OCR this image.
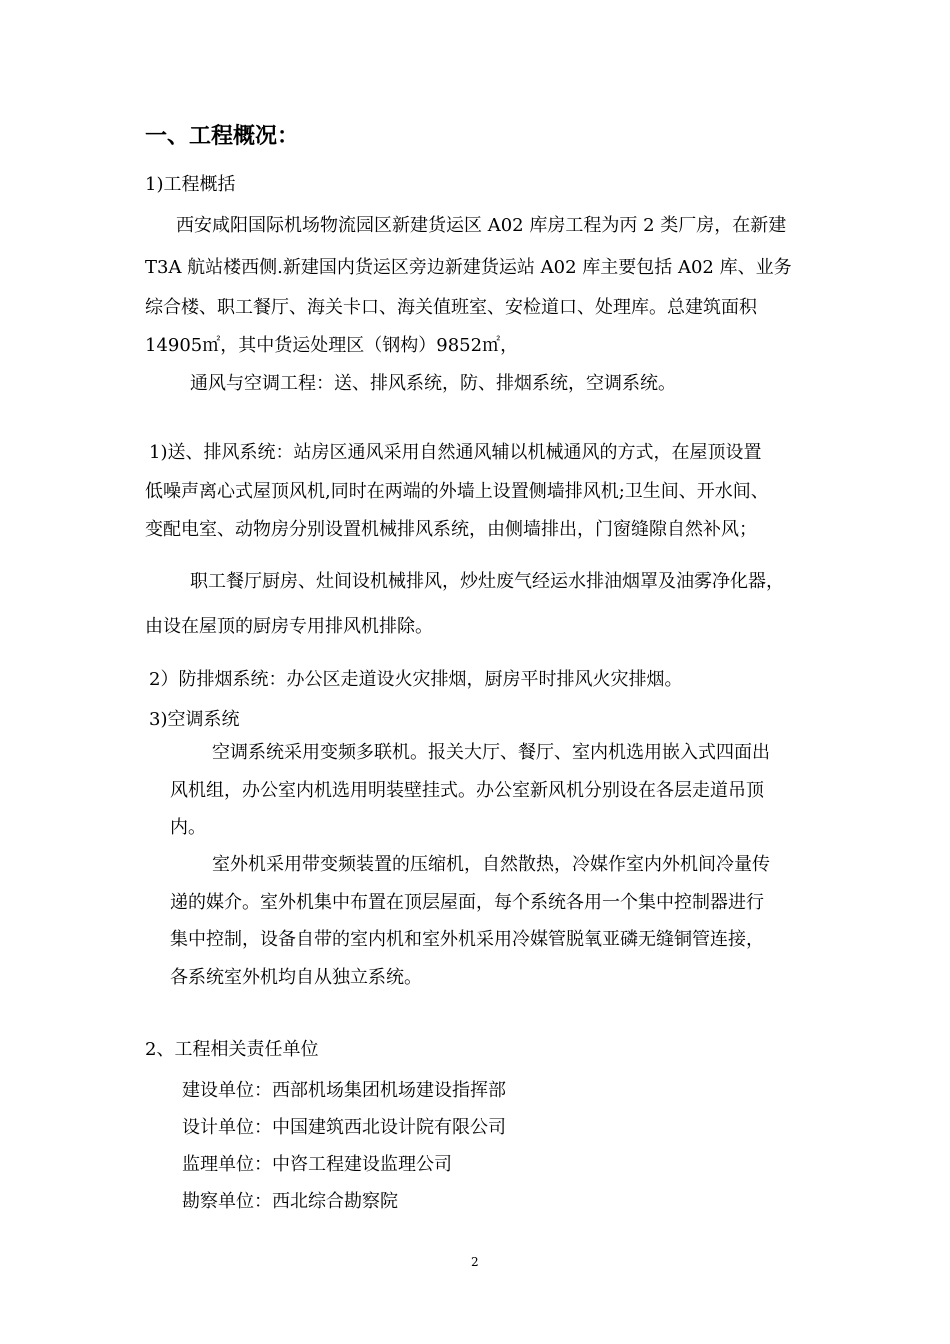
一、工程概况：
1)工程概括
西安咸阳国际机场物流园区新建货运区 A02 库房工程为丙 2 类厂房，在新建
T3A 航站楼西侧.新建国内货运区旁边新建货运站 A02 库主要包括 A02 库、业务
综合楼、职工餐厅、海关卡口、海关值班室、安检道口、处理库。总建筑面积
14905㎡，其中货运处理区（钢构）9852㎡，
通风与空调工程：送、排风系统，防、排烟系统，空调系统。
1)送、排风系统：站房区通风采用自然通风辅以机械通风的方式，在屋顶设置
低噪声离心式屋顶风机,同时在两端的外墙上设置侧墙排风机;卫生间、开水间、
变配电室、动物房分别设置机械排风系统，由侧墙排出，门窗缝隙自然补风；
职工餐厅厨房、灶间设机械排风，炒灶废气经运水排油烟罩及油雾净化器，
由设在屋顶的厨房专用排风机排除。
2）防排烟系统：办公区走道设火灾排烟，厨房平时排风火灾排烟。
3)空调系统
空调系统采用变频多联机。报关大厅、餐厅、室内机选用嵌入式四面出
风机组，办公室内机选用明装壁挂式。办公室新风机分别设在各层走道吊顶
内。
室外机采用带变频装置的压缩机，自然散热，冷媒作室内外机间冷量传
递的媒介。室外机集中布置在顶层屋面，每个系统各用一个集中控制器进行
集中控制，设备自带的室内机和室外机采用冷媒管脱氧亚磷无缝铜管连接，
各系统室外机均自从独立系统。
2、工程相关责任单位
建设单位：西部机场集团机场建设指挥部
设计单位：中国建筑西北设计院有限公司
监理单位：中咨工程建设监理公司
勘察单位：西北综合勘察院
2
